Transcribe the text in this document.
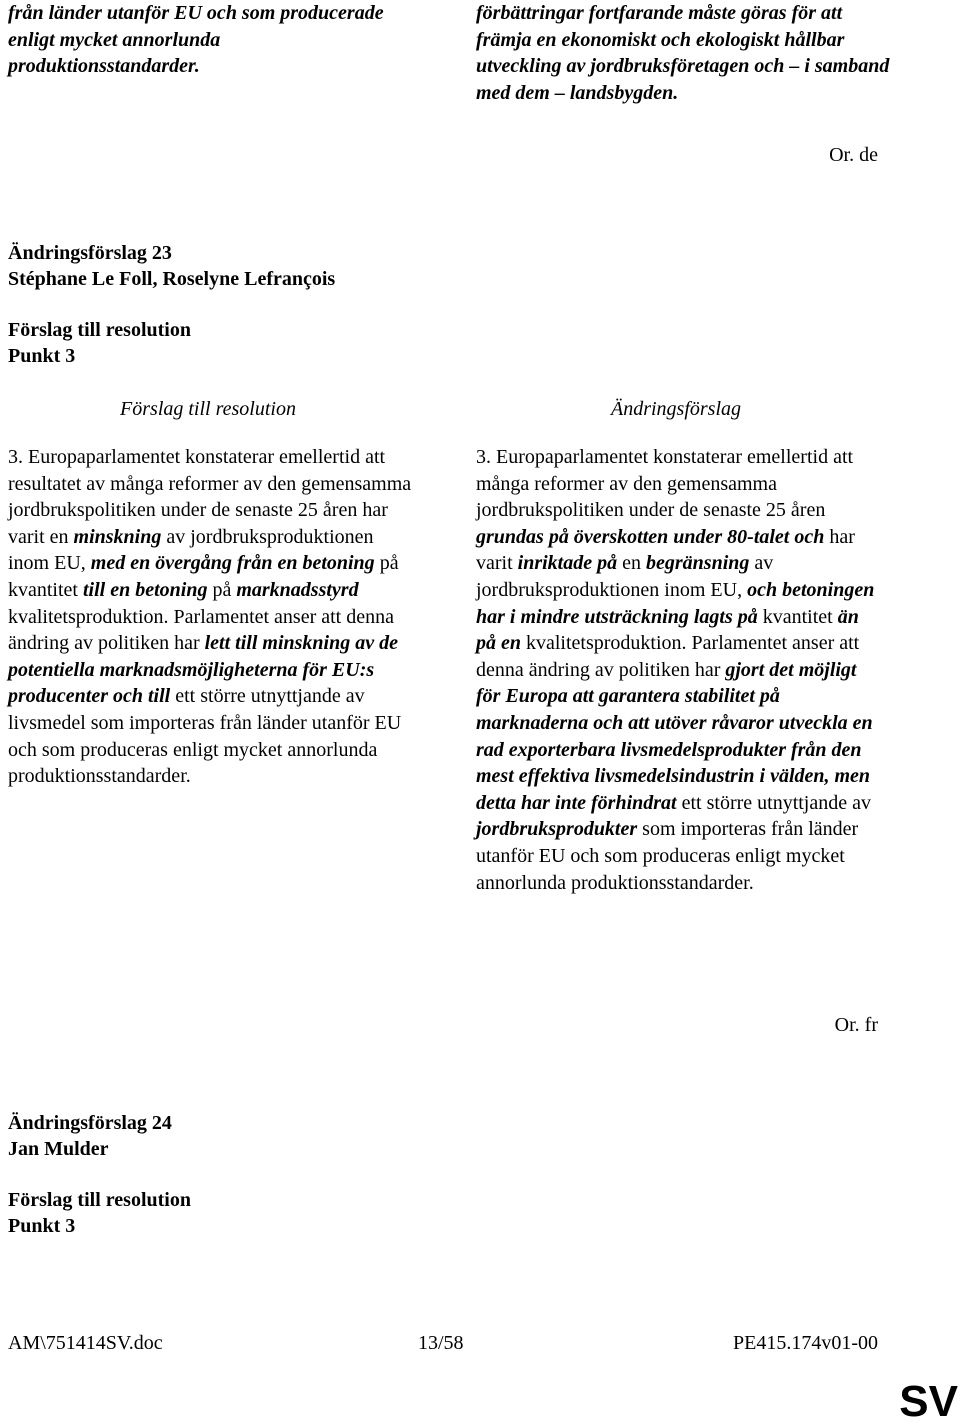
från länder utanför EU och som producerade enligt mycket annorlunda produktionsstandarder.
förbättringar fortfarande måste göras för att främja en ekonomiskt och ekologiskt hållbar utveckling av jordbruksföretagen och – i samband med dem – landsbygden.
Or. de
Ändringsförslag 23
Stéphane Le Foll, Roselyne Lefrançois
Förslag till resolution
Punkt 3
Förslag till resolution	Ändringsförslag
3. Europaparlamentet konstaterar emellertid att resultatet av många reformer av den gemensamma jordbrukspolitiken under de senaste 25 åren har varit en minskning av jordbruksproduktionen inom EU, med en övergång från en betoning på kvantitet till en betoning på marknadsstyrd kvalitetsproduktion. Parlamentet anser att denna ändring av politiken har lett till minskning av de potentiella marknadsmöjligheterna för EU:s producenter och till ett större utnyttjande av livsmedel som importeras från länder utanför EU och som produceras enligt mycket annorlunda produktionsstandarder.
3. Europaparlamentet konstaterar emellertid att många reformer av den gemensamma jordbrukspolitiken under de senaste 25 åren grundas på överskotten under 80-talet och har varit inriktade på en begränsning av jordbruksproduktionen inom EU, och betoningen har i mindre utsträckning lagts på kvantitet än på en kvalitetsproduktion. Parlamentet anser att denna ändring av politiken har gjort det möjligt för Europa att garantera stabilitet på marknaderna och att utöver råvaror utveckla en rad exporterbara livsmedelsprodukter från den mest effektiva livsmedelsindustrin i välden, men detta har inte förhindrat ett större utnyttjande av jordbruksprodukter som importeras från länder utanför EU och som produceras enligt mycket annorlunda produktionsstandarder.
Or. fr
Ändringsförslag 24
Jan Mulder
Förslag till resolution
Punkt 3
AM\751414SV.doc	13/58	PE415.174v01-00
SV
